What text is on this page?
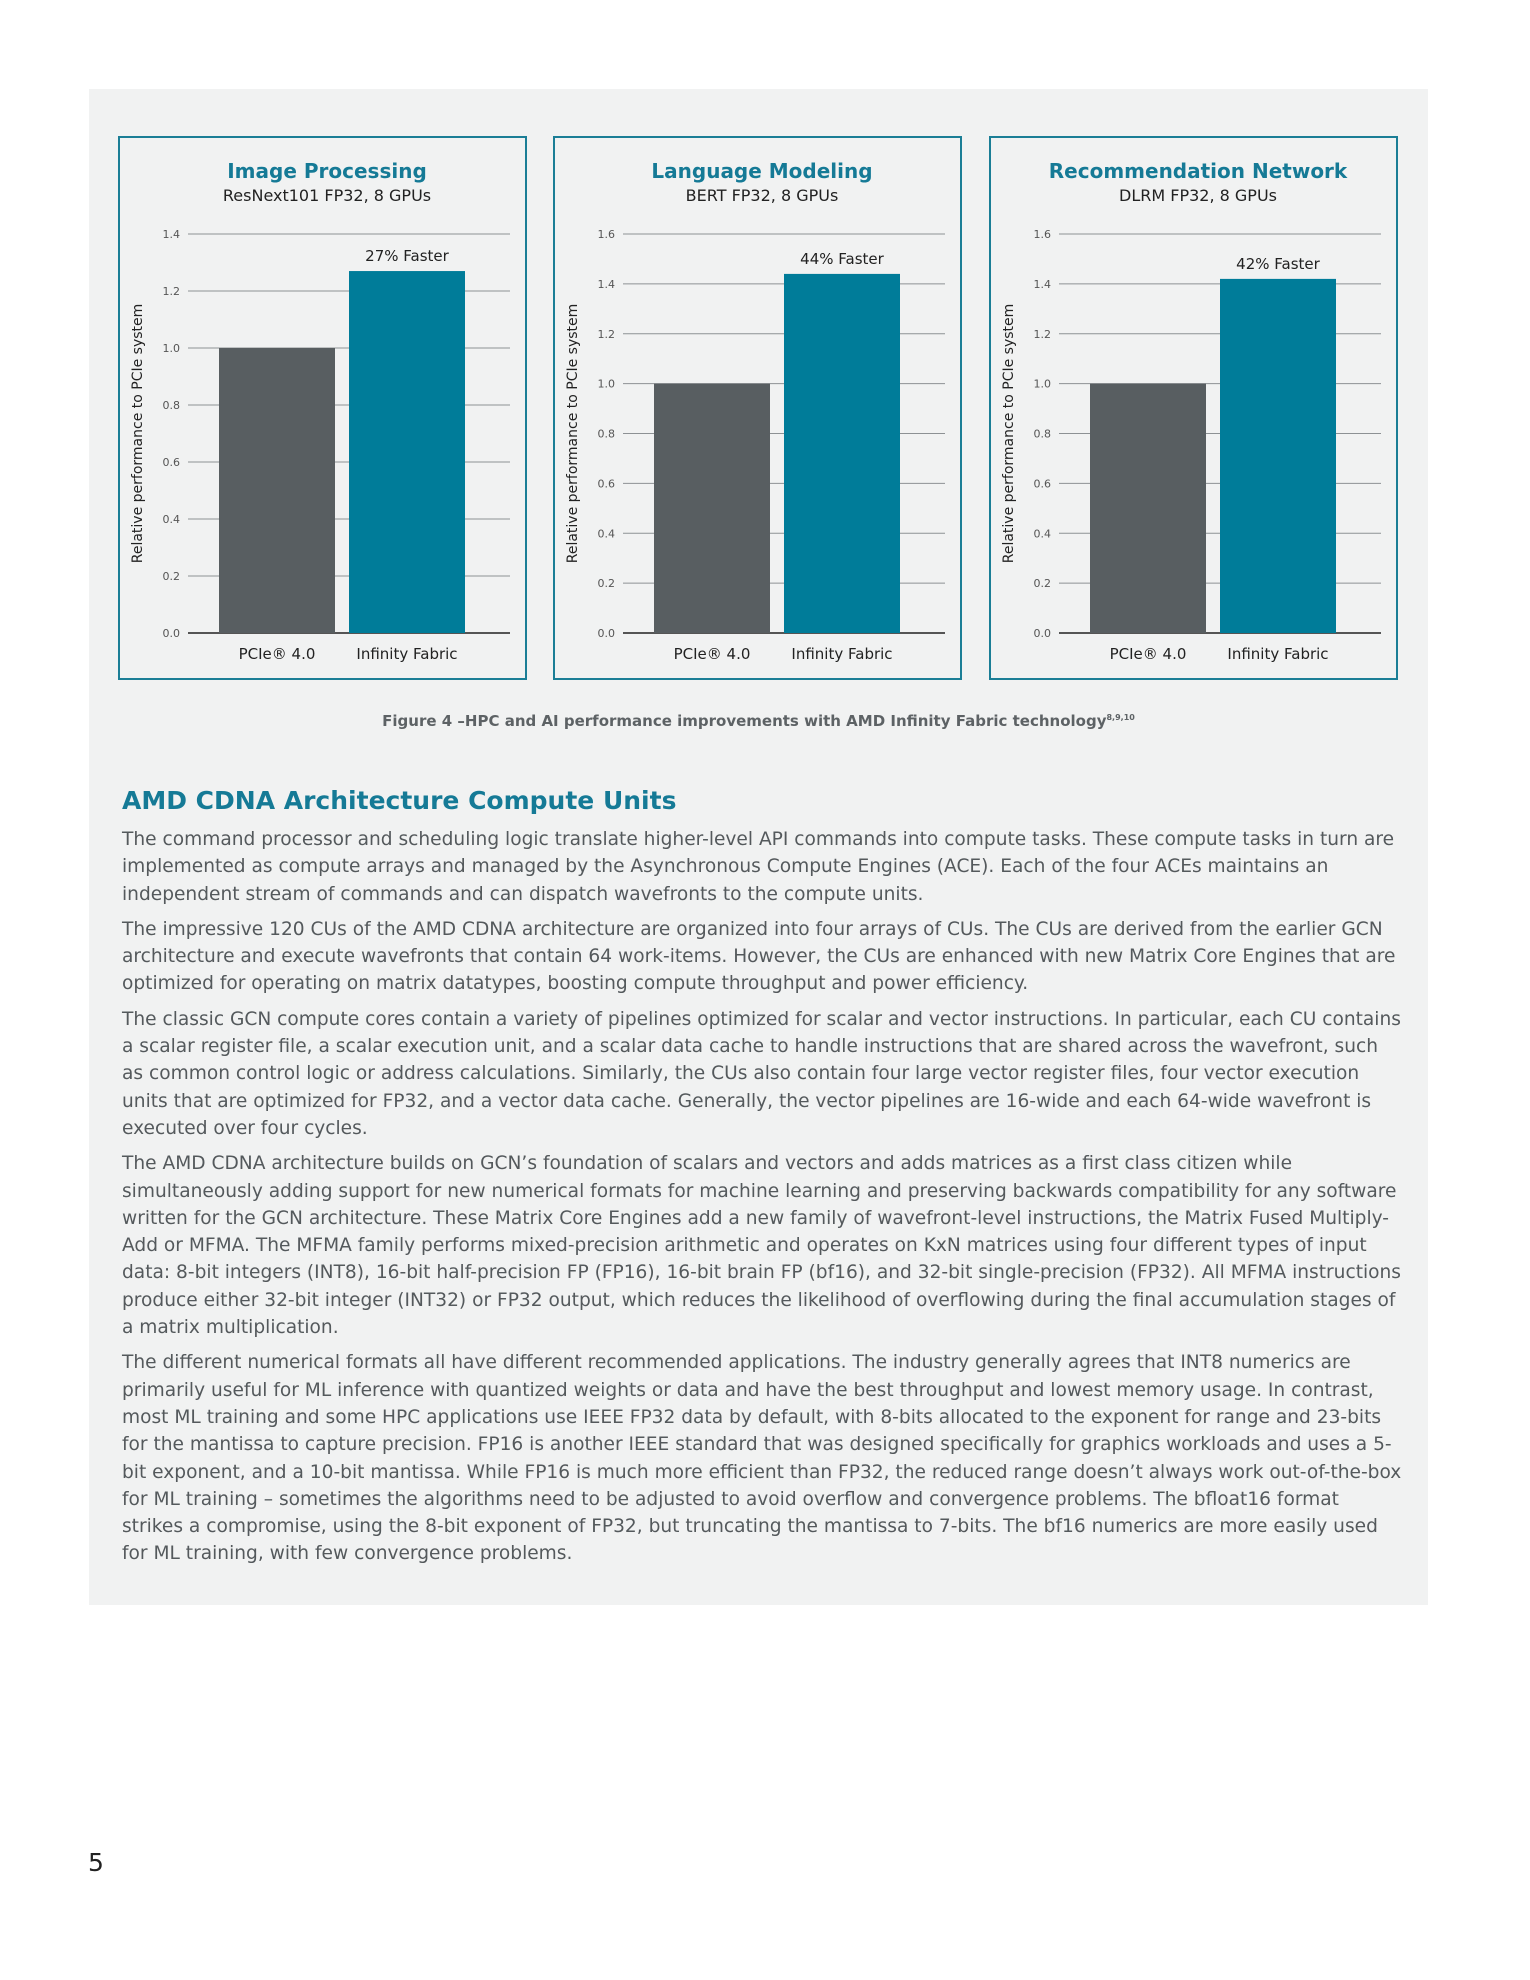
Image Processing
ResNext101 FP32, 8 GPUs
0.0
0.2
0.4
0.6
0.8
1.0
1.2
1.4
PCIe® 4.0	Infinity Fabric
27% Faster
Relative performance to PCIe system
Language Modeling
BERT FP32, 8 GPUs
0.0
0.2
0.4
0.6
0.8
1.0
1.2
1.4
1.6
PCIe® 4.0	Infinity Fabric
44% Faster
Relative performance to PCIe system
Recommendation Network
DLRM FP32, 8 GPUs
0.0
0.2
0.4
0.6
0.8
1.0
1.2
1.4
1.6
PCIe® 4.0	Infinity Fabric
42% Faster
Relative performance to PCIe system
Figure 4 –HPC and AI performance improvements with AMD Infinity Fabric technology$^{8,9,10}$
AMD CDNA Architecture Compute Units

The command processor and scheduling logic translate higher-level API commands into compute tasks. These compute tasks in turn are implemented as compute arrays and managed by the Asynchronous Compute Engines (ACE). Each of the four ACEs maintains an independent stream of commands and can dispatch wavefronts to the compute units.

The impressive 120 CUs of the AMD CDNA architecture are organized into four arrays of CUs. The CUs are derived from the earlier GCN architecture and execute wavefronts that contain 64 work-items. However, the CUs are enhanced with new Matrix Core Engines that are optimized for operating on matrix datatypes, boosting compute throughput and power efficiency.

The classic GCN compute cores contain a variety of pipelines optimized for scalar and vector instructions. In particular, each CU contains a scalar register file, a scalar execution unit, and a scalar data cache to handle instructions that are shared across the wavefront, such as common control logic or address calculations. Similarly, the CUs also contain four large vector register files, four vector execution units that are optimized for FP32, and a vector data cache. Generally, the vector pipelines are 16-wide and each 64-wide wavefront is executed over four cycles.

The AMD CDNA architecture builds on GCN’s foundation of scalars and vectors and adds matrices as a first class citizen while simultaneously adding support for new numerical formats for machine learning and preserving backwards compatibility for any software written for the GCN architecture. These Matrix Core Engines add a new family of wavefront-level instructions, the Matrix Fused Multiply-Add or MFMA. The MFMA family performs mixed-precision arithmetic and operates on KxN matrices using four different types of input data: 8-bit integers (INT8), 16-bit half-precision FP (FP16), 16-bit brain FP (bf16), and 32-bit single-precision (FP32). All MFMA instructions produce either 32-bit integer (INT32) or FP32 output, which reduces the likelihood of overflowing during the final accumulation stages of a matrix multiplication.

The different numerical formats all have different recommended applications. The industry generally agrees that INT8 numerics are primarily useful for ML inference with quantized weights or data and have the best throughput and lowest memory usage. In contrast, most ML training and some HPC applications use IEEE FP32 data by default, with 8-bits allocated to the exponent for range and 23-bits for the mantissa to capture precision. FP16 is another IEEE standard that was designed specifically for graphics workloads and uses a 5-bit exponent, and a 10-bit mantissa. While FP16 is much more efficient than FP32, the reduced range doesn’t always work out-of-the-box for ML training – sometimes the algorithms need to be adjusted to avoid overflow and convergence problems. The bfloat16 format strikes a compromise, using the 8-bit exponent of FP32, but truncating the mantissa to 7-bits. The bf16 numerics are more easily used for ML training, with few convergence problems.

5
